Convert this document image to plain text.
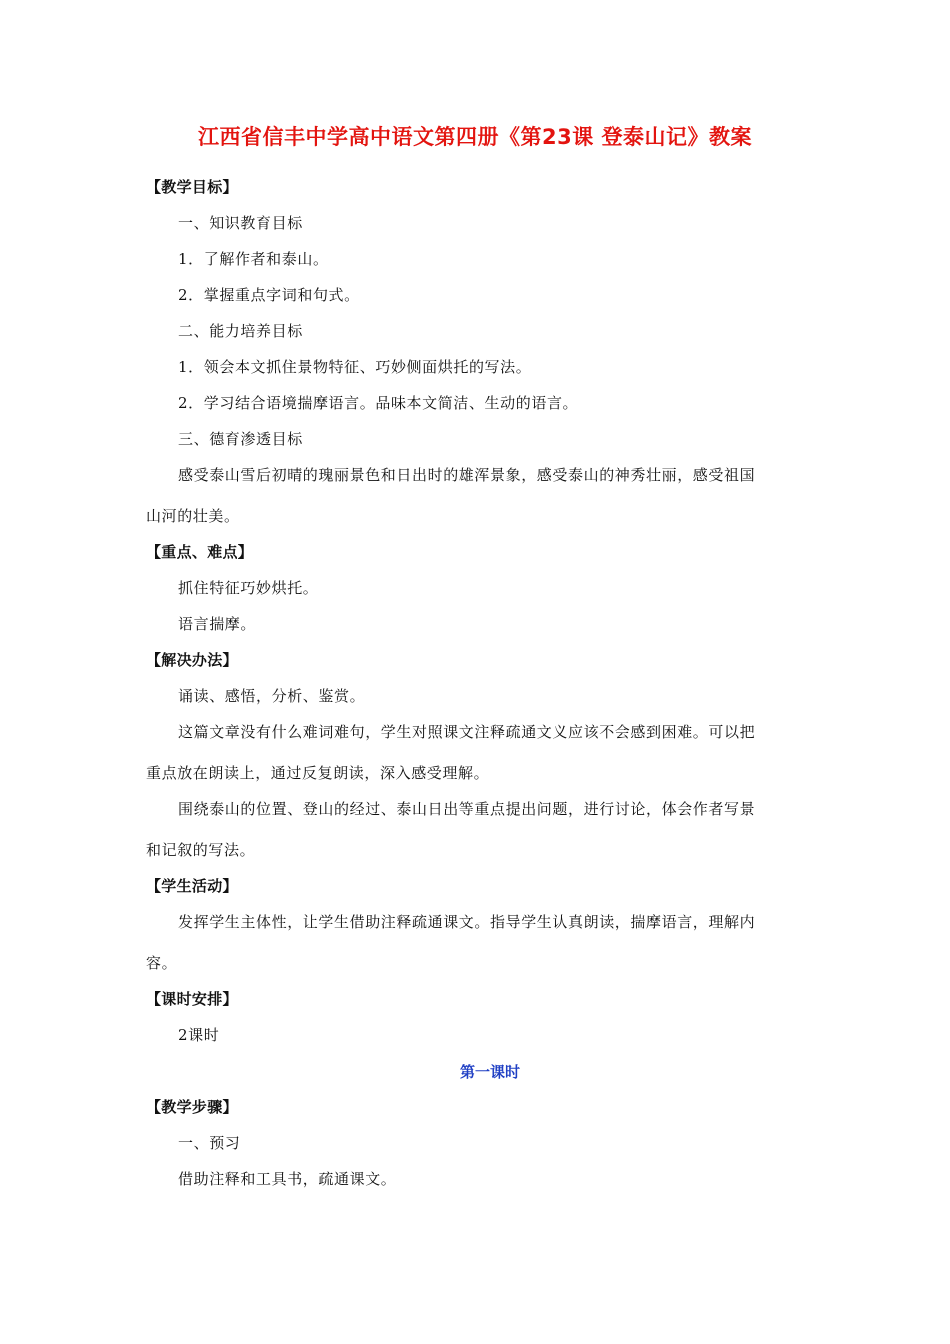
江西省信丰中学高中语文第四册《第23课 登泰山记》教案
【教学目标】
一、知识教育目标
1．了解作者和泰山。
2．掌握重点字词和句式。
二、能力培养目标
1．领会本文抓住景物特征、巧妙侧面烘托的写法。
2．学习结合语境揣摩语言。品味本文简洁、生动的语言。
三、德育渗透目标
感受泰山雪后初晴的瑰丽景色和日出时的雄浑景象，感受泰山的神秀壮丽，感受祖国
山河的壮美。
【重点、难点】
抓住特征巧妙烘托。
语言揣摩。
【解决办法】
诵读、感悟，分析、鉴赏。
这篇文章没有什么难词难句，学生对照课文注释疏通文义应该不会感到困难。可以把
重点放在朗读上，通过反复朗读，深入感受理解。
围绕泰山的位置、登山的经过、泰山日出等重点提出问题，进行讨论，体会作者写景
和记叙的写法。
【学生活动】
发挥学生主体性，让学生借助注释疏通课文。指导学生认真朗读，揣摩语言，理解内
容。
【课时安排】
2课时
第一课时
【教学步骤】
一、预习
借助注释和工具书，疏通课文。
